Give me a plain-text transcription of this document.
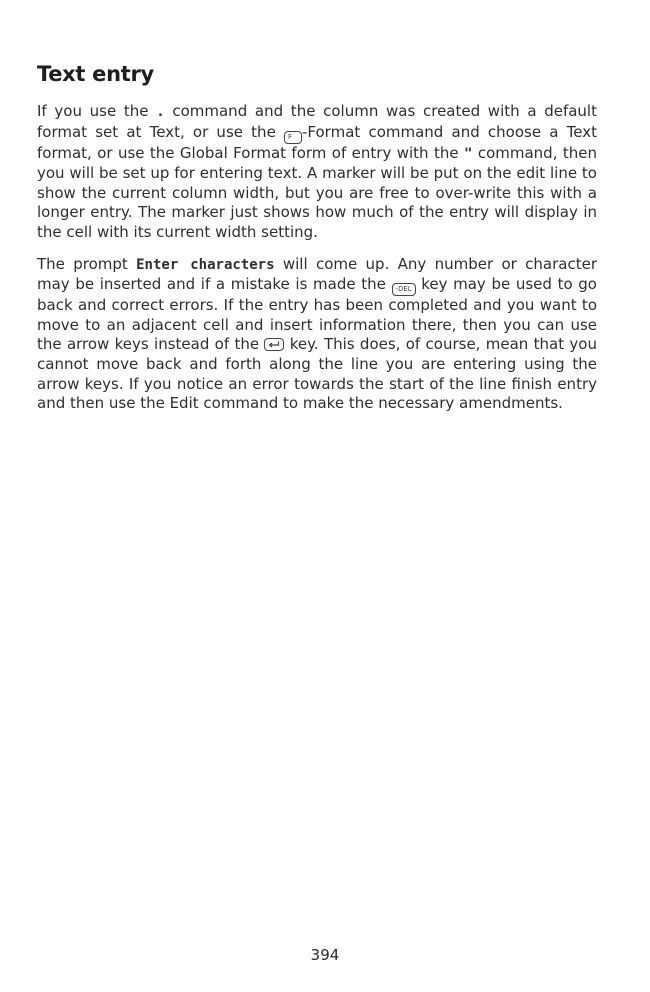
Text entry

If you use the . command and the column was created with a default format set at Text, or use the F -Format command and choose a Text format, or use the Global Format form of entry with the " command, then you will be set up for entering text. A marker will be put on the edit line to show the current column width, but you are free to over-write this with a longer entry. The marker just shows how much of the entry will display in the cell with its current width setting.

The prompt Enter characters will come up. Any number or character may be inserted and if a mistake is made the -DEL key may be used to go back and correct errors. If the entry has been completed and you want to move to an adjacent cell and insert information there, then you can use the arrow keys instead of the key. This does, of course, mean that you cannot move back and forth along the line you are entering using the arrow keys. If you notice an error towards the start of the line finish entry and then use the Edit command to make the necessary amendments.

394
